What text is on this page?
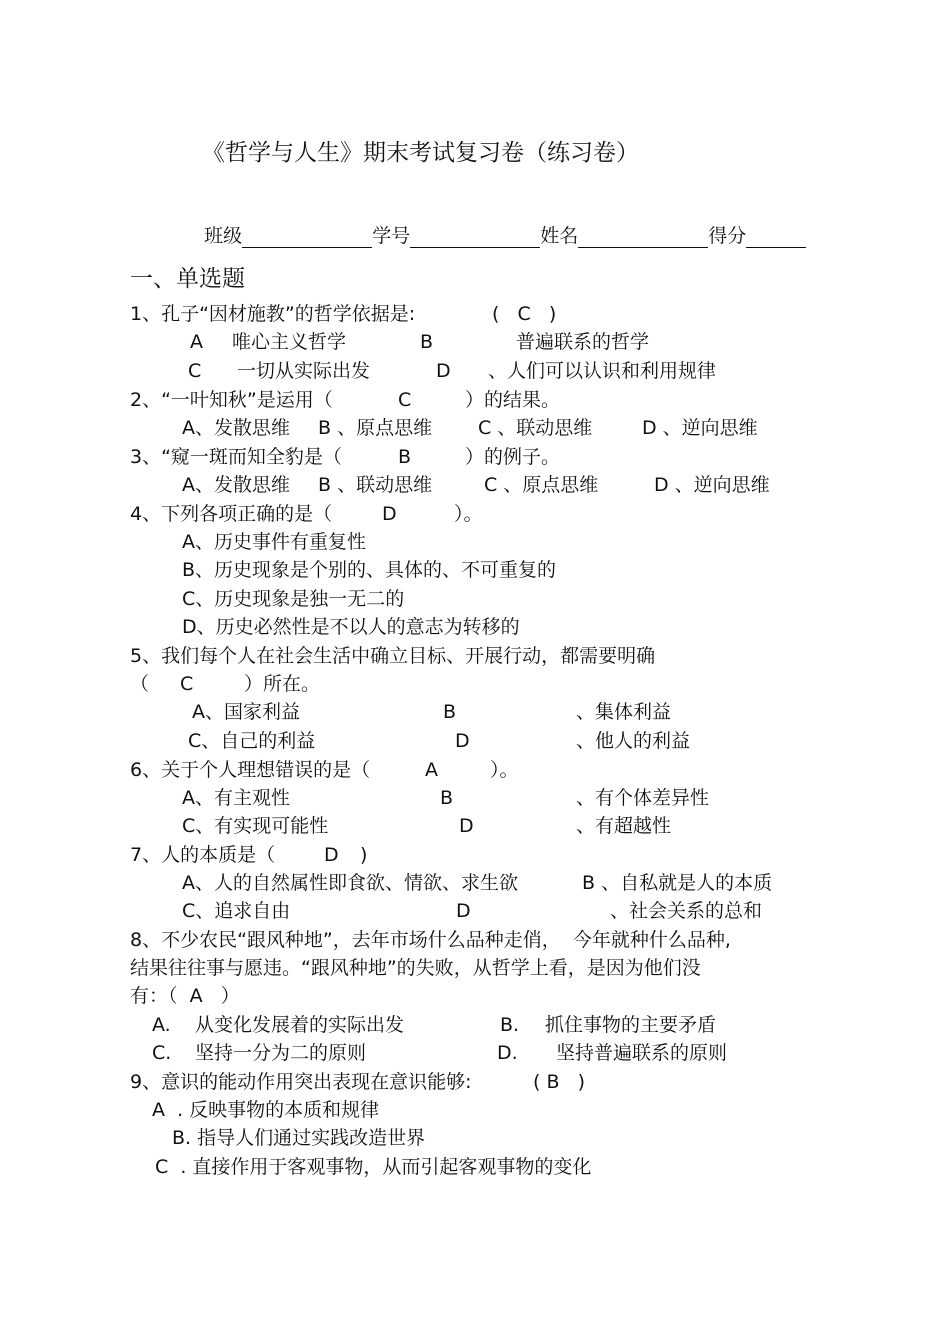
《哲学与人生》期末考试复习卷（练习卷）

班级	学号	姓名	得分

一、单选题
1、孔子“因材施教”的哲学依据是:	(   C   )
A 唯心主义哲学	B	普遍联系的哲学
C 一切从实际出发	D 、人们可以认识和利用规律
2、“一叶知秋”是运用（	C	）的结果。
A、发散思维 B 、原点思维 C 、联动思维	D 、逆向思维
3、“窥一斑而知全豹是（	B	）的例子。
A、发散思维 B 、联动思维	C 、原点思维	D 、逆向思维
4、下列各项正确的是（	D	）。
A、历史事件有重复性
B、历史现象是个别的、具体的、不可重复的
C、历史现象是独一无二的
D、历史必然性是不以人的意志为转移的
5、我们每个人在社会生活中确立目标、开展行动，都需要明确
（ C	）所在。
A、国家利益	B	、集体利益
C、自己的利益	D	、他人的利益
6、关于个人理想错误的是（	A	）。
A、有主观性	B	、有个体差异性
C、有实现可能性	D	、有超越性
7、人的本质是（	D )
A、人的自然属性即食欲、情欲、求生欲	B 、自私就是人的本质
C、追求自由	D	、社会关系的总和
8、不少农民“跟风种地”，去年市场什么品种走俏，  今年就种什么品种,
结果往往事与愿违。“跟风种地”的失败，从哲学上看，是因为他们没
有：（  A   ）
A. 从变化发展着的实际出发	B. 抓住事物的主要矛盾
C. 坚持一分为二的原则	D. 坚持普遍联系的原则
9、意识的能动作用突出表现在意识能够:	( B   )
A  . 反映事物的本质和规律
B. 指导人们通过实践改造世界
C  . 直接作用于客观事物，从而引起客观事物的变化
